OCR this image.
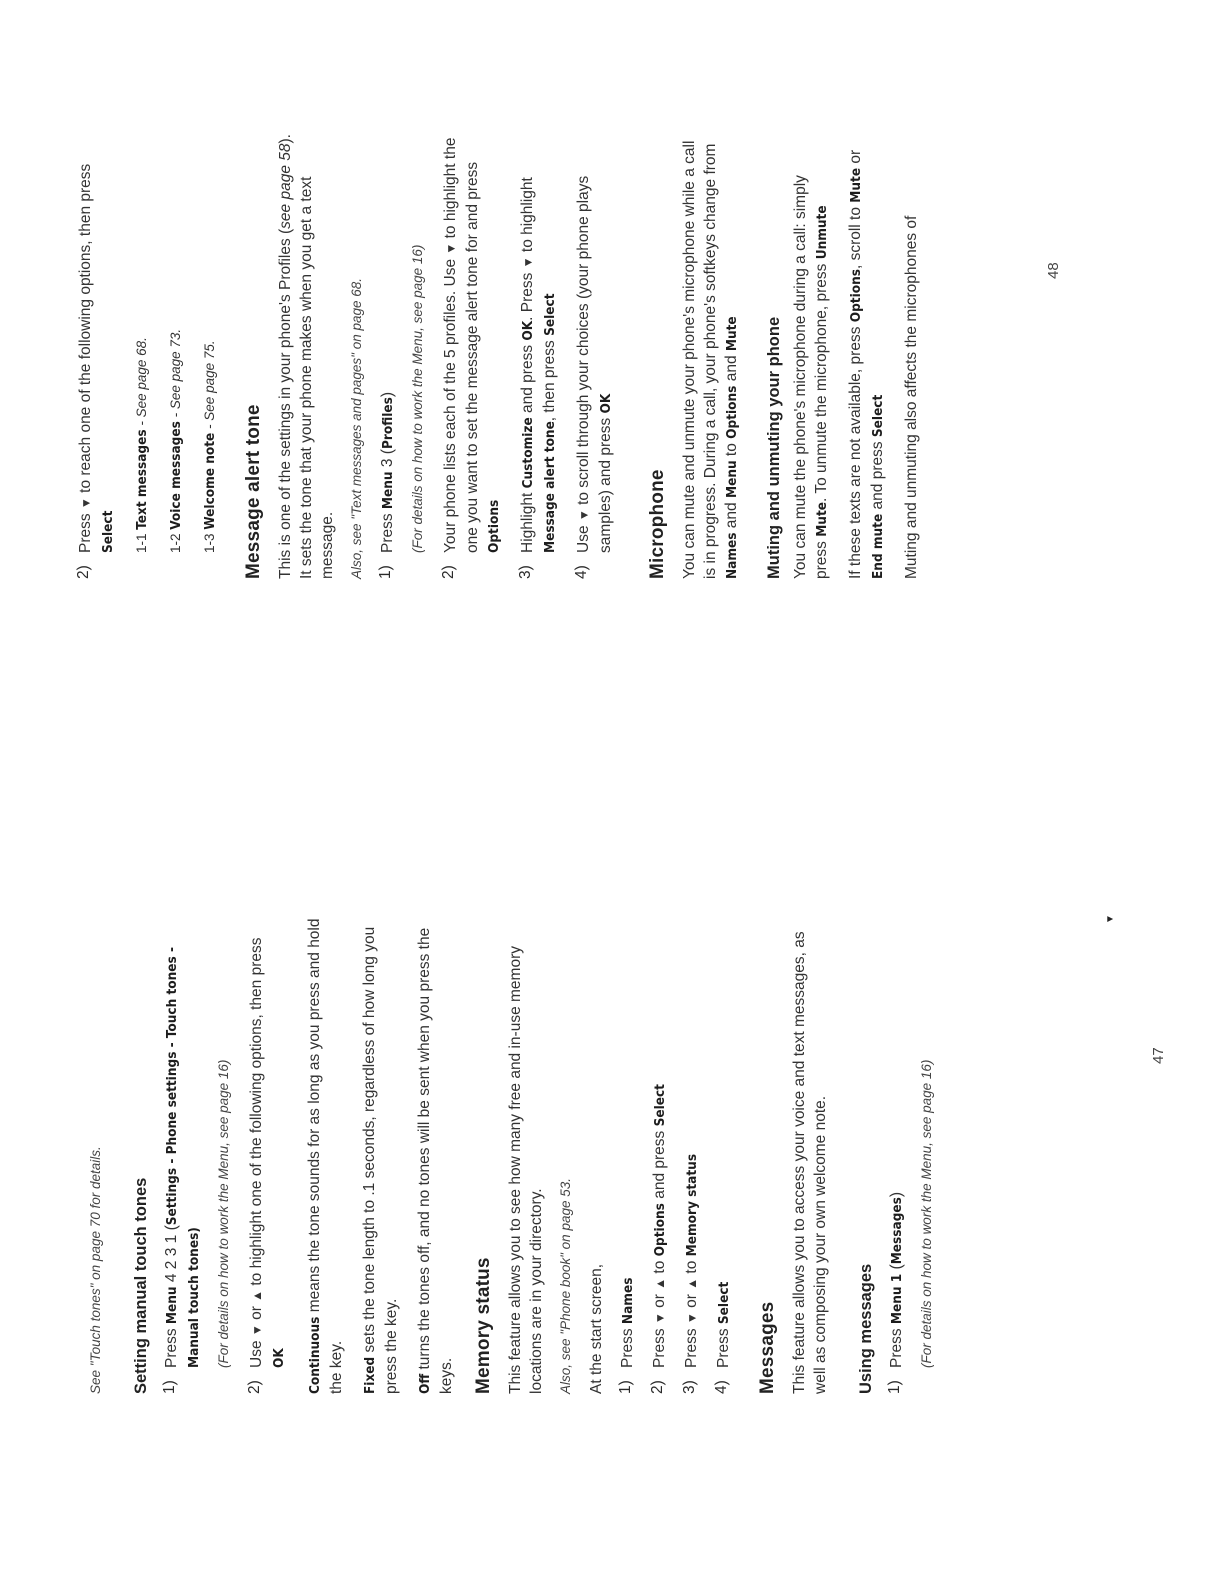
See "Touch tones" on page 70 for details. Setting manual touch tones 1)

Press Menu 4 2 3 1 (Settings - Phone settings - Touch tones - Manual touch tones) (For details on how to work the Menu, see page 16)

2)

Use ▼ or ▲ to highlight one of the following options, then press OK Continuous means the tone sounds for as long as you press and hold the key. Fixed sets the tone length to .1 seconds, regardless of how long you press the key. Off turns the tones off, and no tones will be sent when you press the keys. Memory status This feature allows you to see how many free and in-use memory locations are in your directory. Also, see "Phone book" on page 53. At the start screen, 1)

Press Names

2)

Press ▼ or ▲ to Options and press Select

3)

Press ▼ or ▲ to Memory status

4)

Press Select Messages This feature allows you to access your voice and text messages, as well as composing your own welcome note. Using messages 1)

Press Menu 1 (Messages) (For details on how to work the Menu, see page 16)

▼
47
2)

Press ▼ to reach one of the following options, then press Select 1-1 Text messages - See page 68.

1-2 Voice messages - See page 73.

1-3 Welcome note - See page 75.

Message alert tone This is one of the settings in your phone's Profiles (see page 58). It sets the tone that your phone makes when you get a text message. Also, see "Text messages and pages" on page 68. 1)

Press Menu 3 (Profiles) (For details on how to work the Menu, see page 16)

2)

Your phone lists each of the 5 profiles. Use ▼ to highlight the one you want to set the message alert tone for and press Options

3)

Highlight Customize and press OK. Press ▼ to highlight Message alert tone, then press Select

4)

Use ▼ to scroll through your choices (your phone plays samples) and press OK

Microphone You can mute and unmute your phone's microphone while a call is in progress. During a call, your phone's softkeys change from Names and Menu to Options and Mute Muting and unmuting your phone You can mute the phone's microphone during a call: simply press Mute. To unmute the microphone, press Unmute

If these texts are not available, press Options, scroll to Mute or End mute and press Select Muting and unmuting also affects the microphones of	48
